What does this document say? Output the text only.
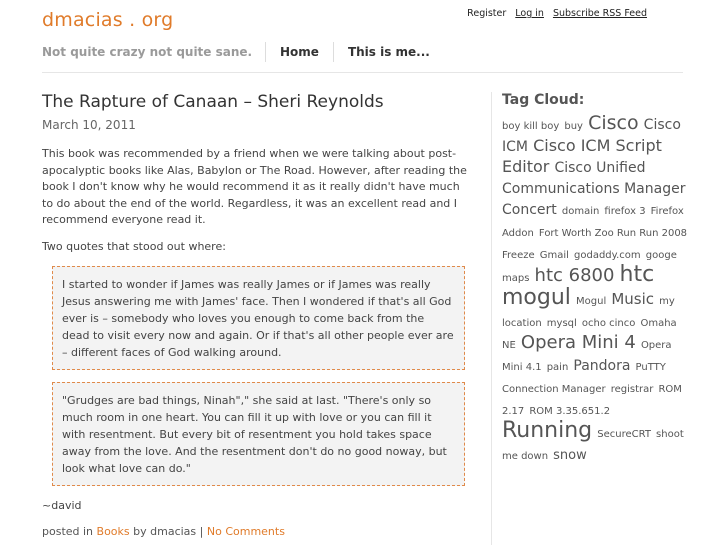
dmacias . org	Register Log in Subscribe RSS Feed
Not quite crazy not quite sane.	Home	This is me...
The Rapture of Canaan – Sheri Reynolds
March 10, 2011

This book was recommended by a friend when we were talking about post-apocalyptic books like Alas, Babylon or The Road. However, after reading the book I don't know why he would recommend it as it really didn't have much to do about the end of the world. Regardless, it was an excellent read and I recommend everyone read it.

Two quotes that stood out where:

I started to wonder if James was really James or if James was really Jesus answering me with James' face. Then I wondered if that's all God ever is – somebody who loves you enough to come back from the dead to visit every now and again. Or if that's all other people ever are – different faces of God walking around.
"Grudges are bad things, Ninah"," she said at last. "There's only so much room in one heart. You can fill it up with love or you can fill it with resentment. But every bit of resentment you hold takes space away from the love. And the resentment don't do no good noway, but look what love can do."
~david
posted in Books by dmacias | No Comments
Tag Cloud:
boy kill boy buy Cisco Cisco ICM Cisco ICM Script Editor Cisco Unified Communications Manager Concert domain firefox 3 Firefox Addon Fort Worth Zoo Run Run 2008 Freeze Gmail godaddy.com googe maps htc 6800 htc mogul Mogul Music my location mysql ocho cinco Omaha NE Opera Mini 4 Opera Mini 4.1 pain Pandora PuTTY Connection Manager registrar ROM 2.17 ROM 3.35.651.2 Running SecureCRT shoot me down snow
